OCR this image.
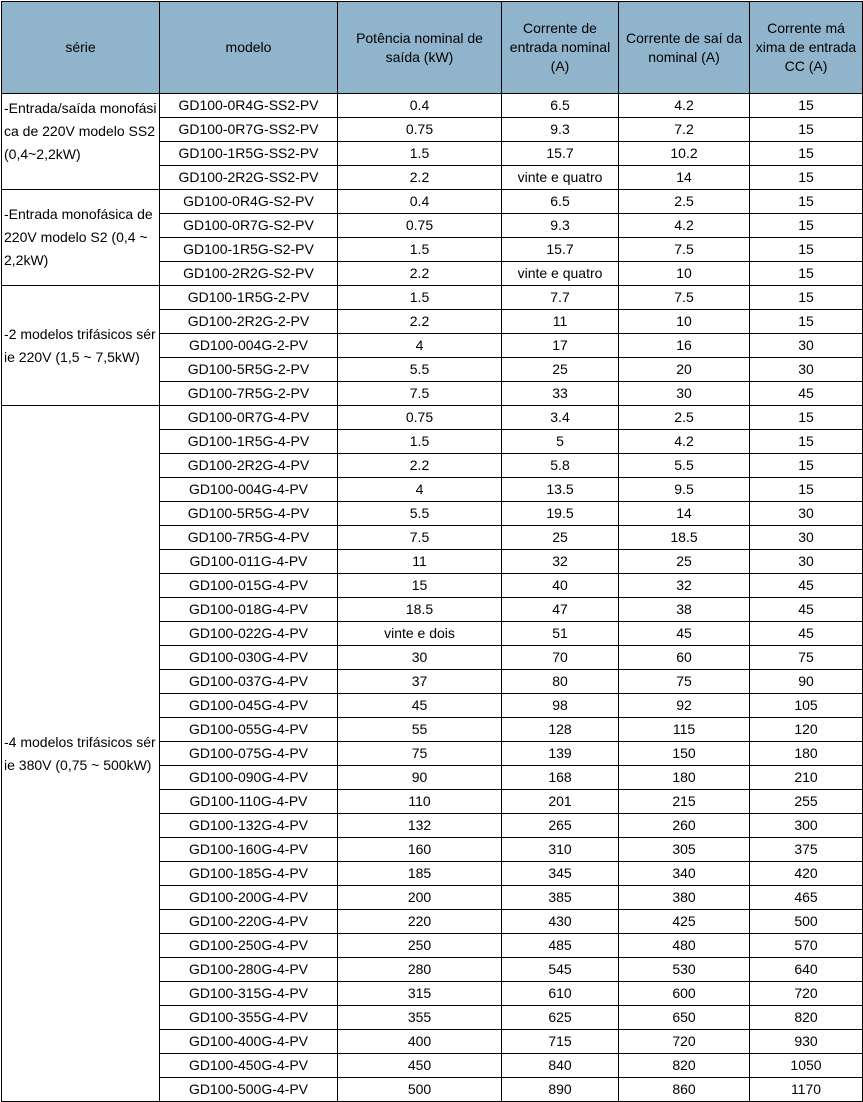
série	modelo	Potência nominal de saída (kW)	Corrente de entrada nominal (A)	Corrente de saí da nominal (A)	Corrente má xima de entrada CC (A)
-Entrada/saída monofásica de 220V modelo SS2 (0,4~2,2kW)	GD100-0R4G-SS2-PV	0.4	6.5	4.2	15
	GD100-0R7G-SS2-PV	0.75	9.3	7.2	15
	GD100-1R5G-SS2-PV	1.5	15.7	10.2	15
	GD100-2R2G-SS2-PV	2.2	vinte e quatro	14	15
-Entrada monofásica de 220V modelo S2 (0,4 ~ 2,2kW)	GD100-0R4G-S2-PV	0.4	6.5	2.5	15
	GD100-0R7G-S2-PV	0.75	9.3	4.2	15
	GD100-1R5G-S2-PV	1.5	15.7	7.5	15
	GD100-2R2G-S2-PV	2.2	vinte e quatro	10	15
-2 modelos trifásicos série 220V (1,5 ~ 7,5kW)	GD100-1R5G-2-PV	1.5	7.7	7.5	15
	GD100-2R2G-2-PV	2.2	11	10	15
	GD100-004G-2-PV	4	17	16	30
	GD100-5R5G-2-PV	5.5	25	20	30
	GD100-7R5G-2-PV	7.5	33	30	45
-4 modelos trifásicos série 380V (0,75 ~ 500kW)	GD100-0R7G-4-PV	0.75	3.4	2.5	15
	GD100-1R5G-4-PV	1.5	5	4.2	15
	GD100-2R2G-4-PV	2.2	5.8	5.5	15
	GD100-004G-4-PV	4	13.5	9.5	15
	GD100-5R5G-4-PV	5.5	19.5	14	30
	GD100-7R5G-4-PV	7.5	25	18.5	30
	GD100-011G-4-PV	11	32	25	30
	GD100-015G-4-PV	15	40	32	45
	GD100-018G-4-PV	18.5	47	38	45
	GD100-022G-4-PV	vinte e dois	51	45	45
	GD100-030G-4-PV	30	70	60	75
	GD100-037G-4-PV	37	80	75	90
	GD100-045G-4-PV	45	98	92	105
	GD100-055G-4-PV	55	128	115	120
	GD100-075G-4-PV	75	139	150	180
	GD100-090G-4-PV	90	168	180	210
	GD100-110G-4-PV	110	201	215	255
	GD100-132G-4-PV	132	265	260	300
	GD100-160G-4-PV	160	310	305	375
	GD100-185G-4-PV	185	345	340	420
	GD100-200G-4-PV	200	385	380	465
	GD100-220G-4-PV	220	430	425	500
	GD100-250G-4-PV	250	485	480	570
	GD100-280G-4-PV	280	545	530	640
	GD100-315G-4-PV	315	610	600	720
	GD100-355G-4-PV	355	625	650	820
	GD100-400G-4-PV	400	715	720	930
	GD100-450G-4-PV	450	840	820	1050
	GD100-500G-4-PV	500	890	860	1170
